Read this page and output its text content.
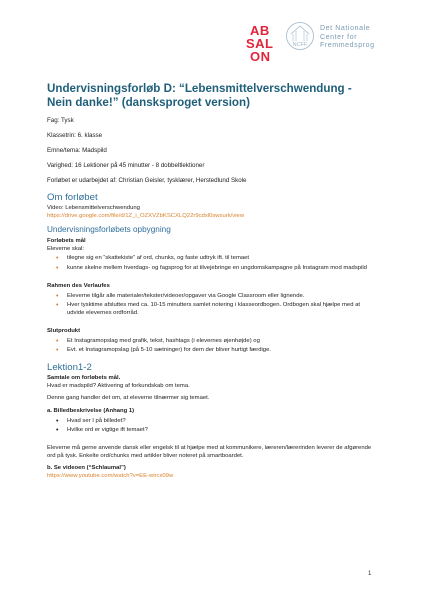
AB
SAL
ON
NCFF
Det Nationale
Center for
Fremmedsprog
Undervisningsforløb D: “Lebensmittelverschwendung - Nein danke!” (dansksproget version)

Fag: Tysk

Klassetrin: 6. klasse

Emne/tema: Madspild

Varighed: 16 Lektioner på 45 minutter - 8 dobbeltlektioner

Forløbet er udarbejdet af: Christian Geisler, tysklærer, Herstedlund Skole

Om forløbet

Video: Lebensmittelverschwendung

https://drive.google.com/file/d/1Z_i_OZXVZbKSCXLQ22r9cdxl0swsurk/view

Undervisningsforløbets opbygning

Forløbets mål

Eleverne skal:

• tilegne sig en “skattekiste” af ord, chunks, og faste udtryk ift. til temaet
• kunne skelne mellem hverdags- og fagsprog for at tilvejebringe en ungdomskampagne på Instagram mod madspild

Rahmen des Verlaufes

• Eleverne tilgår alle materialer/tekster/videoer/opgaver via Google Classroom eller lignende.
• Hver tysktime afsluttes med ca. 10-15 minutters samlet notering i klasseordbogen. Ordbogen skal hjælpe med at udvide elevernes ordforråd.

Slutprodukt

• Et Instagramopslag med grafik, tekst, hashtags (i elevernes øjenhøjde) og
• Evt. et Instagramopslag (på 5-10 sætninger) for dem der bliver hurtigt færdige.
Lektion1-2

Samtale om forløbets mål.

Hvad er madspild? Aktivering af forkundskab om tema.

Denne gang handler det om, at eleverne tilnærmer sig temaet.

a. Billedbeskrivelse (Anhang 1)

• Hvad ser I på billedet?
• Hvilke ord er vigtige ift temaet?

Eleverne må gerne anvende dansk eller engelsk til at hjælpe med at kommunikere, læreren/lærerinden leverer de afgørende ord på tysk. Enkelte ord/chunks med artikler bliver noteret på smartboardet.

b. Se videoen (“Schlaumal”)

https://www.youtube.com/watch?v=EE-wircx09w

1
